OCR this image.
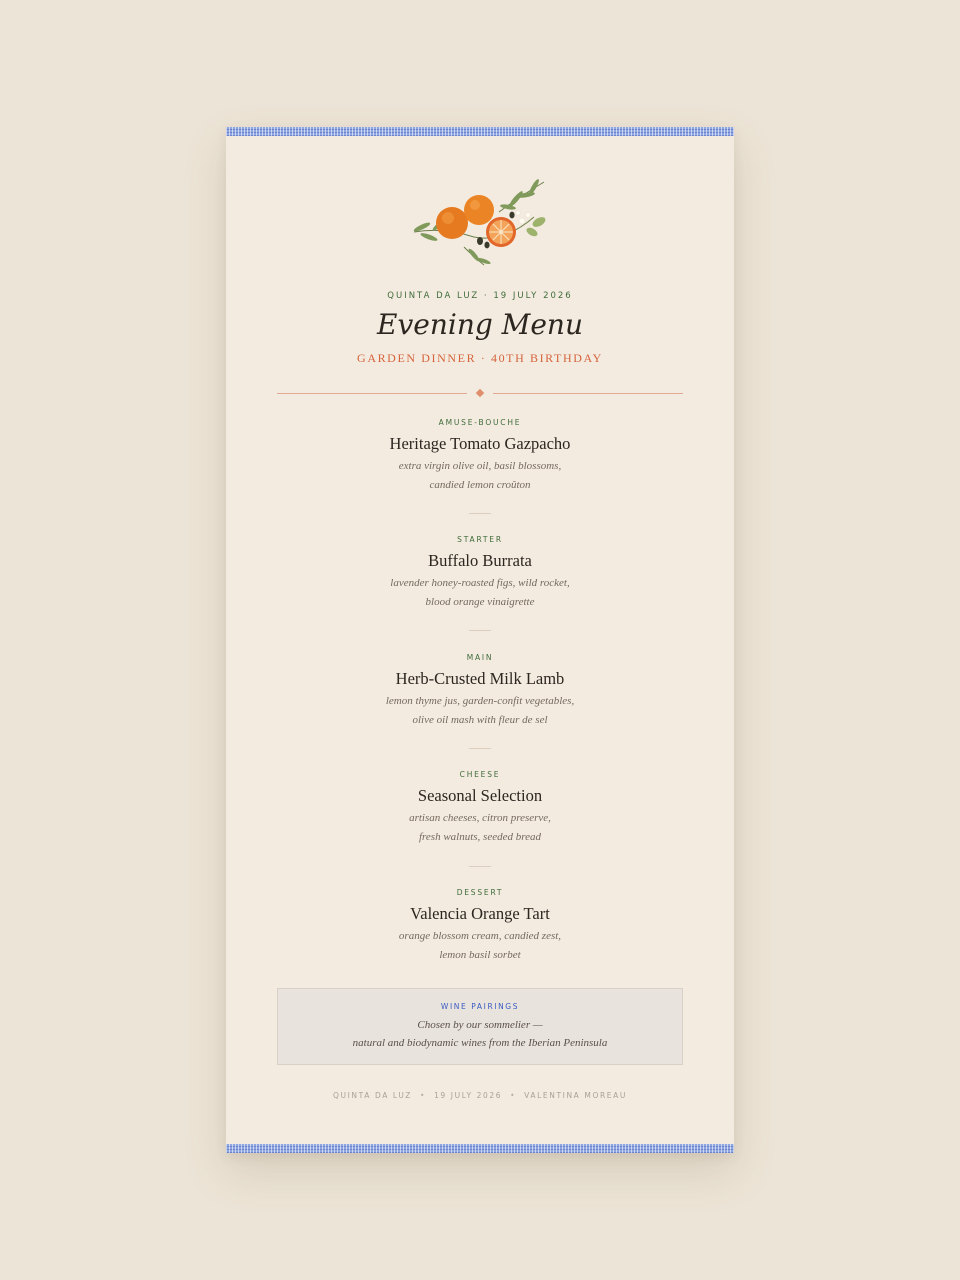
QUINTA DA LUZ · 19 JULY 2026
Evening Menu
GARDEN DINNER · 40TH BIRTHDAY
AMUSE-BOUCHE
Heritage Tomato Gazpacho
extra virgin olive oil, basil blossoms,
candied lemon croûton
STARTER
Buffalo Burrata
lavender honey-roasted figs, wild rocket,
blood orange vinaigrette
MAIN
Herb-Crusted Milk Lamb
lemon thyme jus, garden-confit vegetables,
olive oil mash with fleur de sel
CHEESE
Seasonal Selection
artisan cheeses, citron preserve,
fresh walnuts, seeded bread
DESSERT
Valencia Orange Tart
orange blossom cream, candied zest,
lemon basil sorbet
WINE PAIRINGS
Chosen by our sommelier —
natural and biodynamic wines from the Iberian Peninsula
QUINTA DA LUZ • 19 JULY 2026 • VALENTINA MOREAU
